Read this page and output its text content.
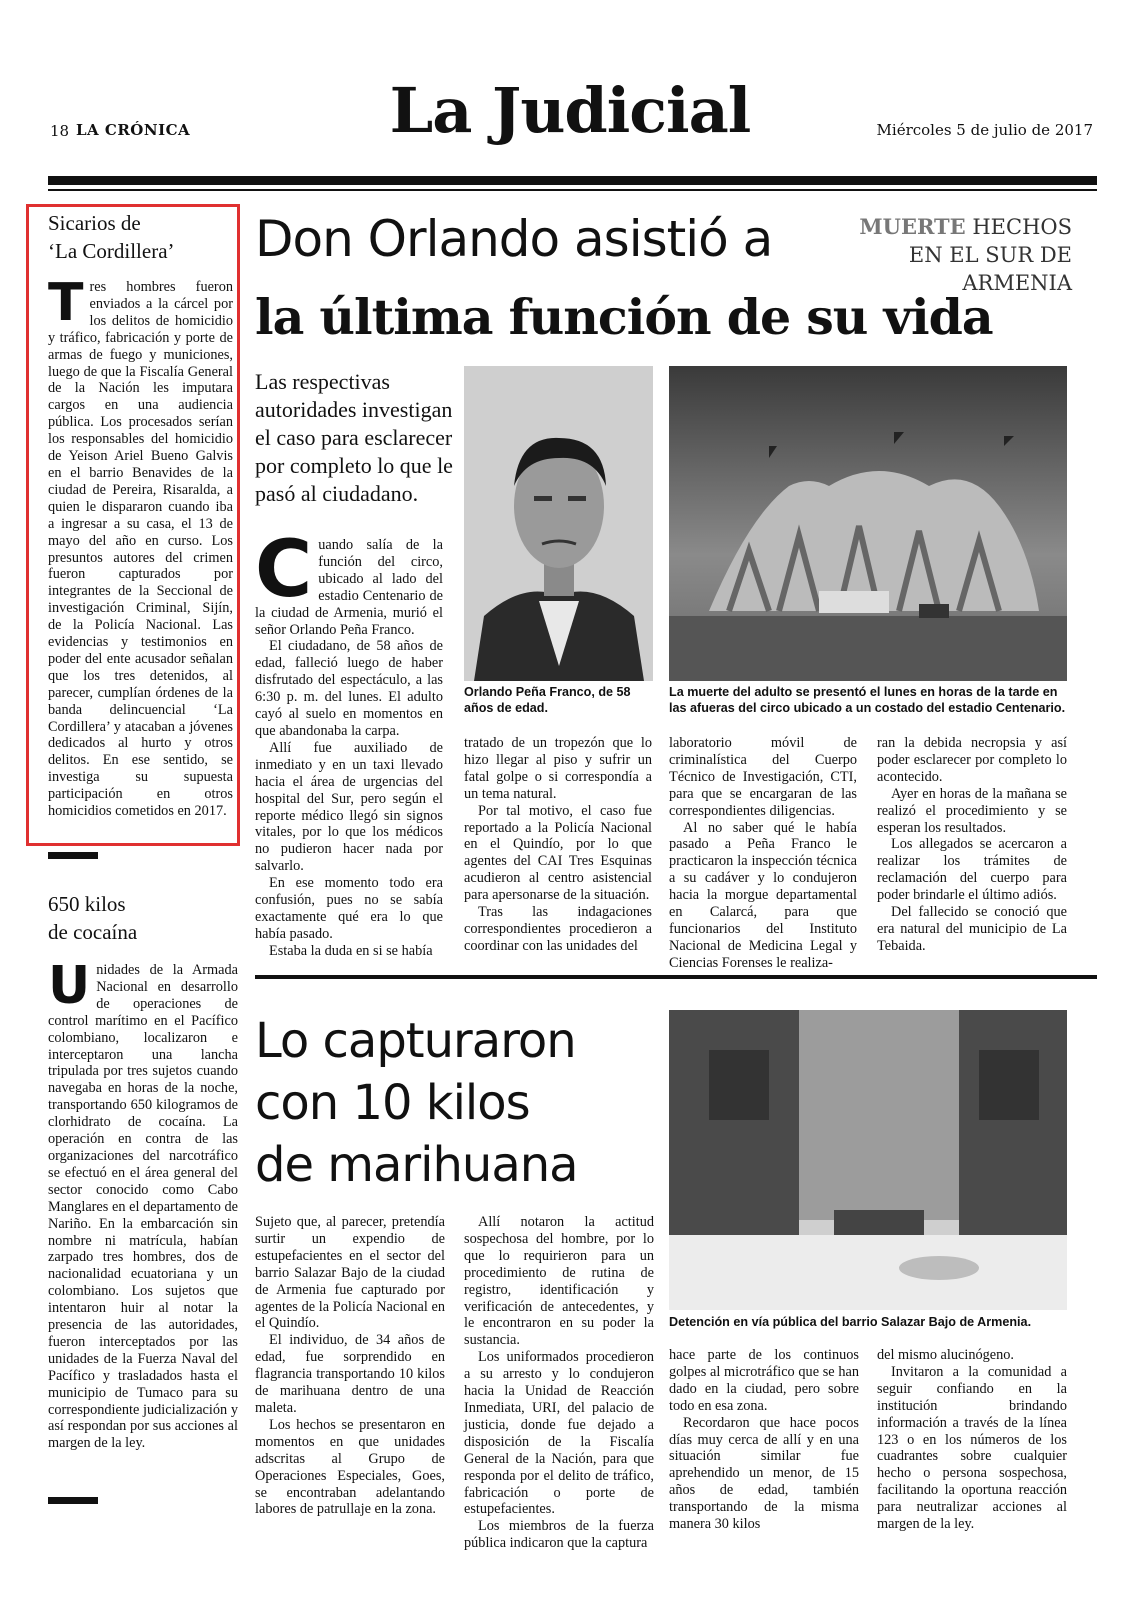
18 LA CRÓNICA	La Judicial	Miércoles 5 de julio de 2017
Sicarios de
‘La Cordillera’
T res hombres fueron enviados a la cárcel por los delitos de homicidio y tráfico, fabricación y porte de armas de fuego y municiones, luego de que la Fiscalía General de la Nación les imputara cargos en una audiencia pública. Los procesados serían los responsables del homicidio de Yeison Ariel Bueno Galvis en el barrio Benavides de la ciudad de Pereira, Risaralda, a quien le dispararon cuando iba a ingresar a su casa, el 13 de mayo del año en curso. Los presuntos autores del crimen fueron capturados por integrantes de la Seccional de investigación Criminal, Sijín, de la Policía Nacional. Las evidencias y testimonios en poder del ente acusador señalan que los tres detenidos, al parecer, cumplían órdenes de la banda delincuencial ‘La Cordillera’ y atacaban a jóvenes dedicados al hurto y otros delitos. En ese sentido, se investiga su supuesta participación en otros homicidios cometidos en 2017.
650 kilos
de cocaína
U nidades de la Armada Nacional en desarrollo de operaciones de control marítimo en el Pacífico colombiano, localizaron e interceptaron una lancha tripulada por tres sujetos cuando navegaba en horas de la noche, transportando 650 kilogramos de clorhidrato de cocaína. La operación en contra de las organizaciones del narcotráfico se efectuó en el área general del sector conocido como Cabo Manglares en el departamento de Nariño. En la embarcación sin nombre ni matrícula, habían zarpado tres hombres, dos de nacionalidad ecuatoriana y un colombiano. Los sujetos que intentaron huir al notar la presencia de las autoridades, fueron interceptados por las unidades de la Fuerza Naval del Pacífico y trasladados hasta el municipio de Tumaco para su correspondiente judicialización y así respondan por sus acciones al margen de la ley.
Don Orlando asistió a
la última función de su vida
MUERTE HECHOS EN EL SUR DE ARMENIA
Las respectivas autoridades investigan el caso para esclarecer por completo lo que le pasó al ciudadano.
Orlando Peña Franco, de 58 años de edad.
La muerte del adulto se presentó el lunes en horas de la tarde en las afueras del circo ubicado a un costado del estadio Centenario.

Cuando salía de la función del circo, ubicado al lado del estadio Centenario de la ciudad de Armenia, murió el señor Orlando Peña Franco.

El ciudadano, de 58 años de edad, falleció luego de haber disfrutado del espectáculo, a las 6:30 p. m. del lunes. El adulto cayó al suelo en momentos en que abandonaba la carpa.

Allí fue auxiliado de inmediato y en un taxi llevado hacia el área de urgencias del hospital del Sur, pero según el reporte médico llegó sin signos vitales, por lo que los médicos no pudieron hacer nada por salvarlo.

En ese momento todo era confusión, pues no se sabía exactamente qué era lo que había pasado.

Estaba la duda en si se había

tratado de un tropezón que lo hizo llegar al piso y sufrir un fatal golpe o si correspondía a un tema natural.

Por tal motivo, el caso fue reportado a la Policía Nacional en el Quindío, por lo que agentes del CAI Tres Esquinas acudieron al centro asistencial para apersonarse de la situación.

Tras las indagaciones correspondientes procedieron a coordinar con las unidades del

laboratorio móvil de criminalística del Cuerpo Técnico de Investigación, CTI, para que se encargaran de las correspondientes diligencias.

Al no saber qué le había pasado a Peña Franco le practicaron la inspección técnica a su cadáver y lo condujeron hacia la morgue departamental en Calarcá, para que funcionarios del Instituto Nacional de Medicina Legal y Ciencias Forenses le realiza-

ran la debida necropsia y así poder esclarecer por completo lo acontecido.

Ayer en horas de la mañana se realizó el procedimiento y se esperan los resultados.

Los allegados se acercaron a realizar los trámites de reclamación del cuerpo para poder brindarle el último adiós.

Del fallecido se conoció que era natural del municipio de La Tebaida.

Lo capturaron
con 10 kilos
de marihuana
Detención en vía pública del barrio Salazar Bajo de Armenia.

Sujeto que, al parecer, pretendía surtir un expendio de estupefacientes en el sector del barrio Salazar Bajo de la ciudad de Armenia fue capturado por agentes de la Policía Nacional en el Quindío.

El individuo, de 34 años de edad, fue sorprendido en flagrancia transportando 10 kilos de marihuana dentro de una maleta.

Los hechos se presentaron en momentos en que unidades adscritas al Grupo de Operaciones Especiales, Goes, se encontraban adelantando labores de patrullaje en la zona.

Allí notaron la actitud sospechosa del hombre, por lo que lo requirieron para un procedimiento de rutina de registro, identificación y verificación de antecedentes, y le encontraron en su poder la sustancia.

Los uniformados procedieron a su arresto y lo condujeron hacia la Unidad de Reacción Inmediata, URI, del palacio de justicia, donde fue dejado a disposición de la Fiscalía General de la Nación, para que responda por el delito de tráfico, fabricación o porte de estupefacientes.

Los miembros de la fuerza pública indicaron que la captura

hace parte de los continuos golpes al microtráfico que se han dado en la ciudad, pero sobre todo en esa zona.

Recordaron que hace pocos días muy cerca de allí y en una situación similar fue aprehendido un menor, de 15 años de edad, también transportando de la misma manera 30 kilos

del mismo alucinógeno.

Invitaron a la comunidad a seguir confiando en la institución brindando información a través de la línea 123 o en los números de los cuadrantes sobre cualquier hecho o persona sospechosa, facilitando la oportuna reacción para neutralizar acciones al margen de la ley.
